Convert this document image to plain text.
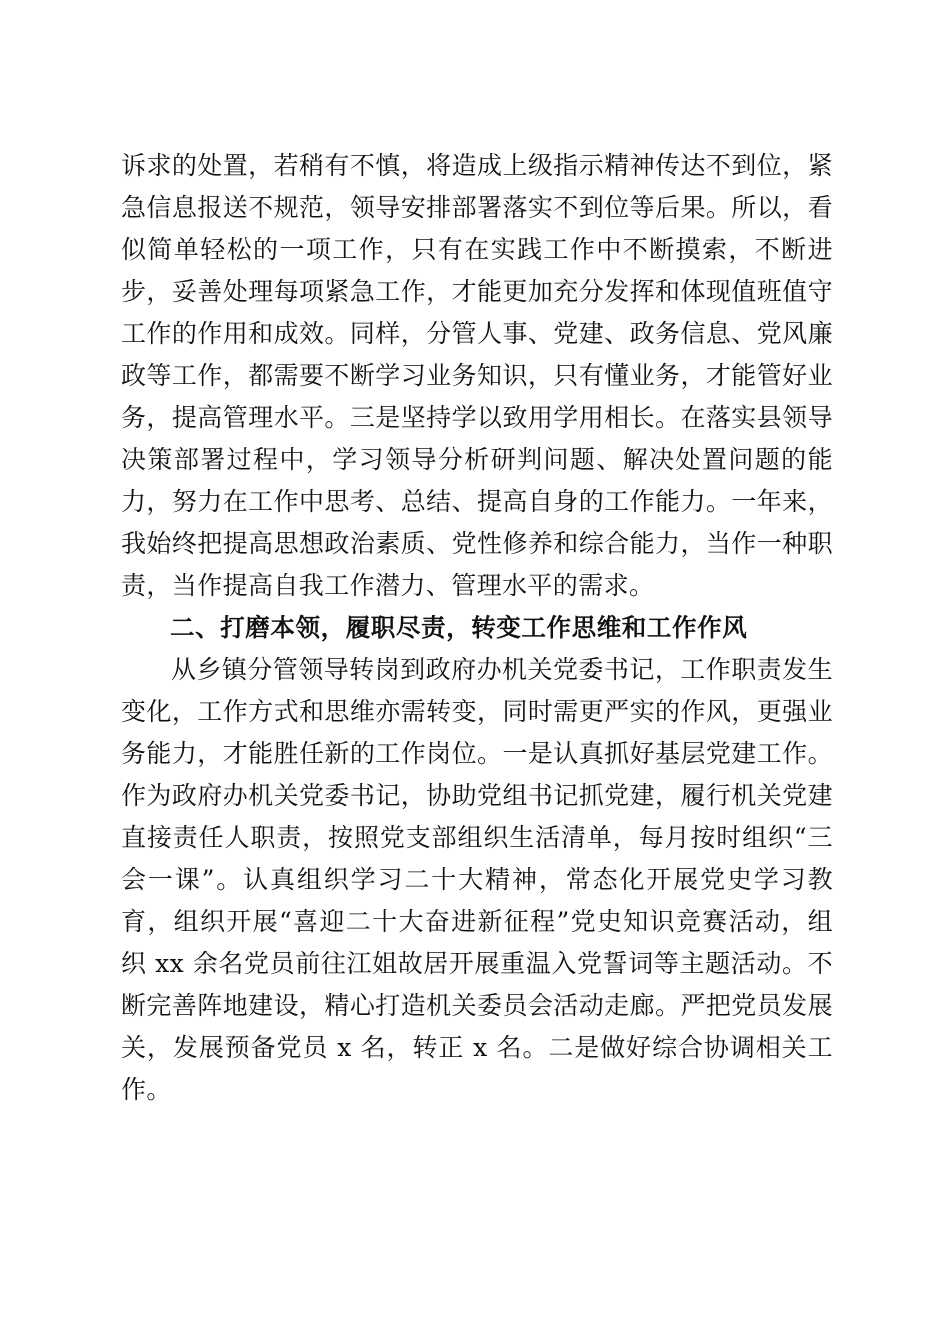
诉求的处置，若稍有不慎，将造成上级指示精神传达不到位，紧急信息报送不规范，领导安排部署落实不到位等后果。所以，看似简单轻松的一项工作，只有在实践工作中不断摸索，不断进步，妥善处理每项紧急工作，才能更加充分发挥和体现值班值守工作的作用和成效。同样，分管人事、党建、政务信息、党风廉政等工作，都需要不断学习业务知识，只有懂业务，才能管好业务，提高管理水平。三是坚持学以致用学用相长。在落实县领导决策部署过程中，学习领导分析研判问题、解决处置问题的能力，努力在工作中思考、总结、提高自身的工作能力。一年来，我始终把提高思想政治素质、党性修养和综合能力，当作一种职责，当作提高自我工作潜力、管理水平的需求。

二、打磨本领，履职尽责，转变工作思维和工作作风

从乡镇分管领导转岗到政府办机关党委书记，工作职责发生变化，工作方式和思维亦需转变，同时需更严实的作风，更强业务能力，才能胜任新的工作岗位。一是认真抓好基层党建工作。作为政府办机关党委书记，协助党组书记抓党建，履行机关党建直接责任人职责，按照党支部组织生活清单，每月按时组织“三会一课”。认真组织学习二十大精神，常态化开展党史学习教育，组织开展“喜迎二十大奋进新征程”党史知识竞赛活动，组织 xx 余名党员前往江姐故居开展重温入党誓词等主题活动。不断完善阵地建设，精心打造机关委员会活动走廊。严把党员发展关，发展预备党员 x 名，转正 x 名。二是做好综合协调相关工作。
